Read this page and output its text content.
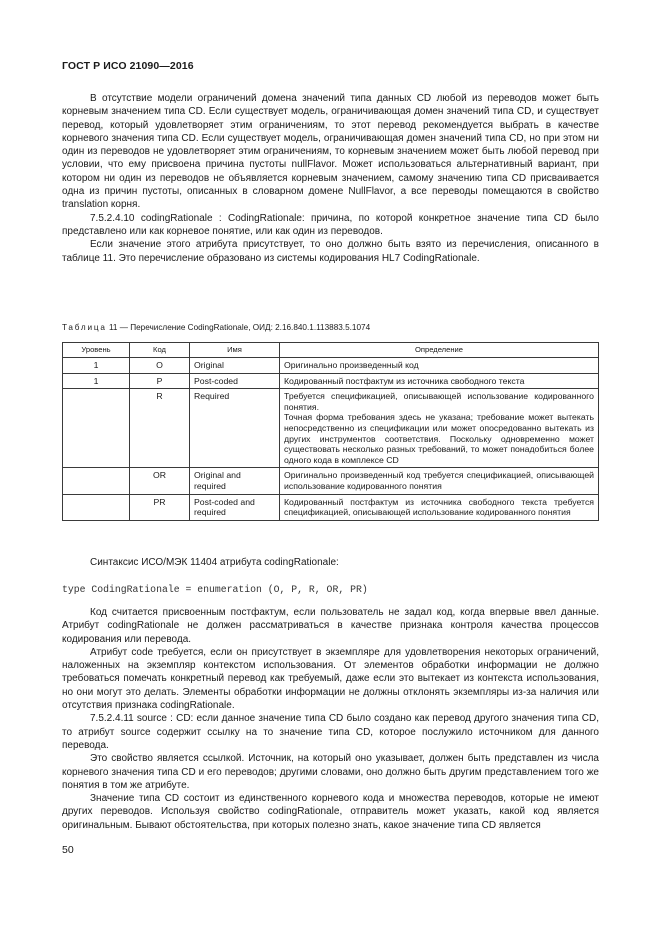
ГОСТ Р ИСО 21090—2016

В отсутствие модели ограничений домена значений типа данных CD любой из переводов может быть корневым значением типа CD. Если существует модель, ограничивающая домен значений типа CD, и существует перевод, который удовлетворяет этим ограничениям, то этот перевод рекомендуется выбрать в качестве корневого значения типа CD. Если существует модель, ограничивающая домен значений типа CD, но при этом ни один из переводов не удовлетворяет этим ограничениям, то корневым значением может быть любой перевод при условии, что ему присвоена причина пустоты nullFlavor. Может использоваться альтернативный вариант, при котором ни один из переводов не объявляется корневым значением, самому значению типа CD присваивается одна из причин пустоты, описанных в словарном домене NullFlavor, а все переводы помещаются в свойство translation корня.

7.5.2.4.10 codingRationale : CodingRationale: причина, по которой конкретное значение типа CD было представлено или как корневое понятие, или как один из переводов.

Если значение этого атрибута присутствует, то оно должно быть взято из перечисления, описанного в таблице 11. Это перечисление образовано из системы кодирования HL7 CodingRationale.

Таблица 11 — Перечисление CodingRationale, ОИД: 2.16.840.1.113883.5.1074
Уровень	Код	Имя	Определение
1	O	Original	Оригинально произведенный код
1	P	Post-coded	Кодированный постфактум из источника свободного текста
	R	Required	Требуется спецификацией, описывающей использование кодированного понятия.
Точная форма требования здесь не указана; требование может вытекать непосредственно из спецификации или может опосредованно вытекать из других инструментов соответствия. Поскольку одновременно может существовать несколько разных требований, то может понадобиться более одного кода в комплексе CD
	OR	Original and required	Оригинально произведенный код требуется спецификацией, описывающей использование кодированного понятия
	PR	Post-coded and required	Кодированный постфактум из источника свободного текста требуется спецификацией, описывающей использование кодированного понятия

Синтаксис ИСО/МЭК 11404 атрибута codingRationale:

type CodingRationale = enumeration (O, P, R, OR, PR)

Код считается присвоенным постфактум, если пользователь не задал код, когда впервые ввел данные. Атрибут codingRationale не должен рассматриваться в качестве признака контроля качества процессов кодирования или перевода.

Атрибут code требуется, если он присутствует в экземпляре для удовлетворения некоторых ограничений, наложенных на экземпляр контекстом использования. От элементов обработки информации не должно требоваться помечать конкретный перевод как требуемый, даже если это вытекает из контекста использования, но они могут это делать. Элементы обработки информации не должны отклонять экземпляры из-за наличия или отсутствия признака codingRationale.

7.5.2.4.11 source : CD: если данное значение типа CD было создано как перевод другого значения типа CD, то атрибут source содержит ссылку на то значение типа CD, которое послужило источником для данного перевода.

Это свойство является ссылкой. Источник, на который оно указывает, должен быть представлен из числа корневого значения типа CD и его переводов; другими словами, оно должно быть другим представлением того же понятия в том же атрибуте.

Значение типа CD состоит из единственного корневого кода и множества переводов, которые не имеют других переводов. Используя свойство codingRationale, отправитель может указать, какой код является оригинальным. Бывают обстоятельства, при которых полезно знать, какое значение типа CD является

50
